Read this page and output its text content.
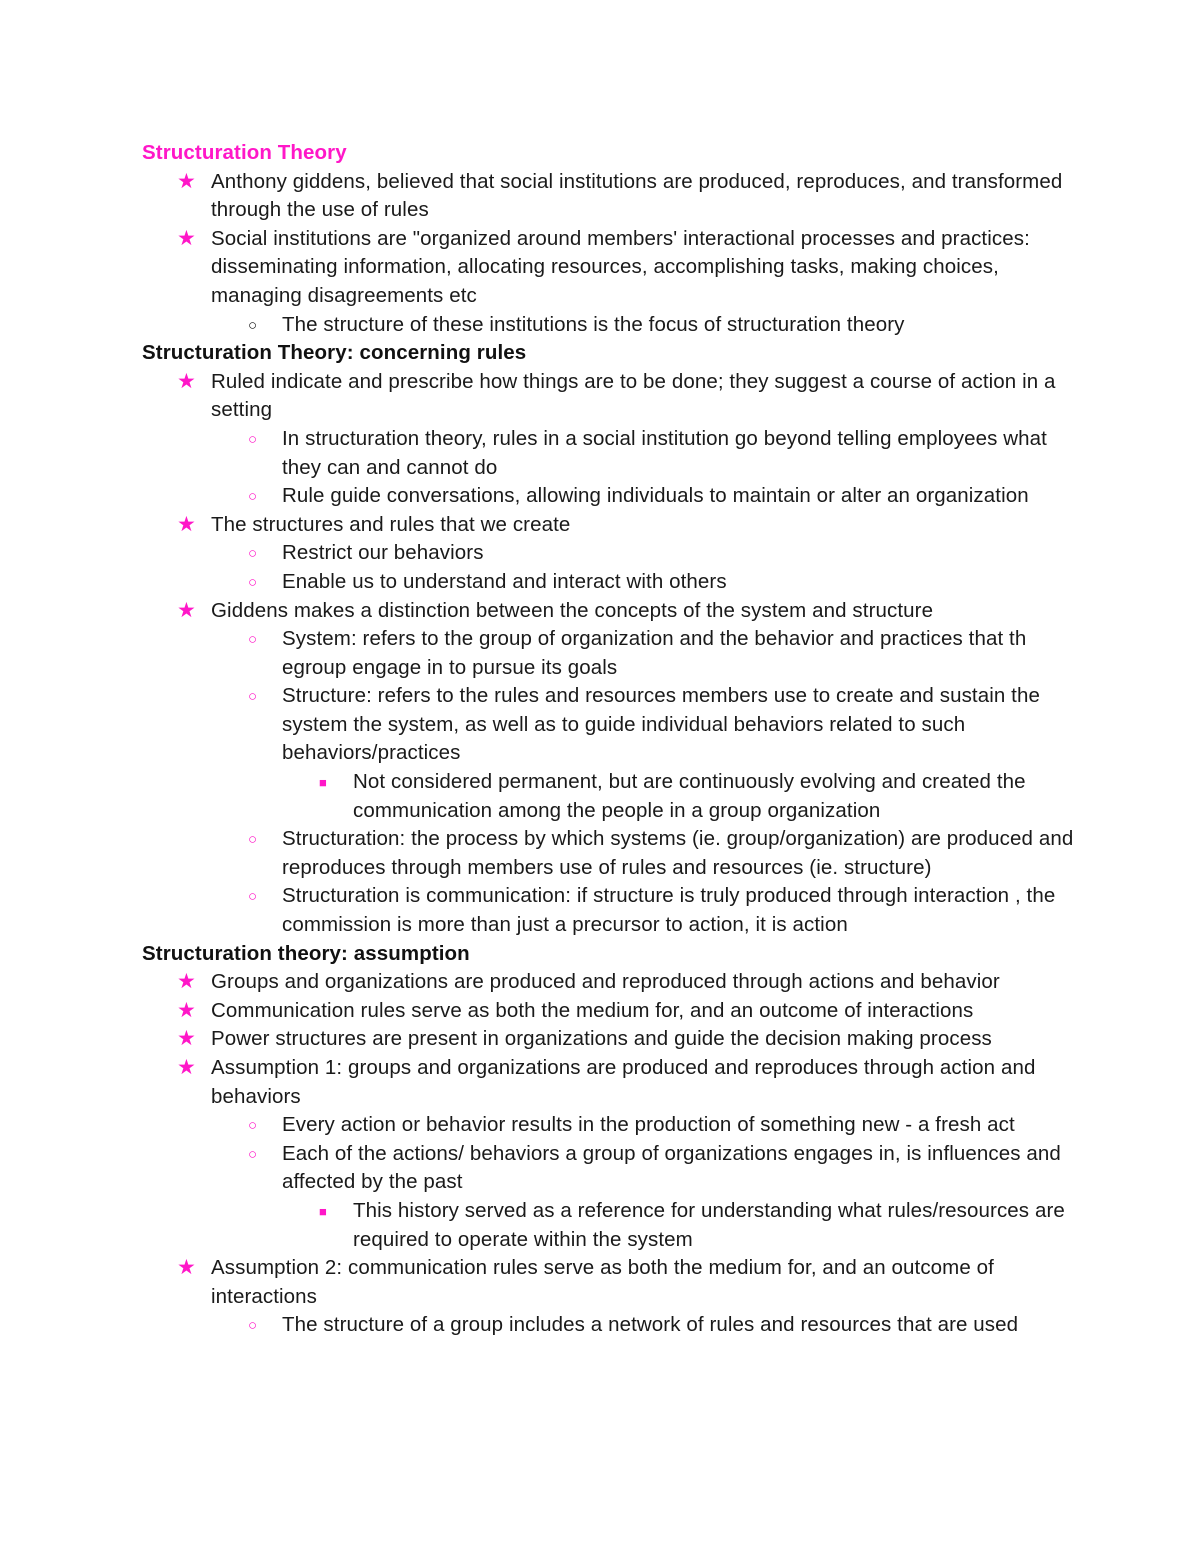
Structuration Theory
★ Anthony giddens, believed that social institutions are produced, reproduces, and transformed through the use of rules
★ Social institutions are "organized around members' interactional processes and practices: disseminating information, allocating resources, accomplishing tasks, making choices, managing disagreements etc
○ The structure of these institutions is the focus of structuration theory
Structuration Theory: concerning rules
★ Ruled indicate and prescribe how things are to be done; they suggest a course of action in a setting
○ In structuration theory, rules in a social institution go beyond telling employees what they can and cannot do
○ Rule guide conversations, allowing individuals to maintain or alter an organization
★ The structures and rules that we create
○ Restrict our behaviors
○ Enable us to understand and interact with others
★ Giddens makes a distinction between the concepts of the system and structure
○ System: refers to the group of organization and the behavior and practices that th egroup engage in to pursue its goals
○ Structure: refers to the rules and resources members use to create and sustain the system the system, as well as to guide individual behaviors related to such behaviors/practices
■ Not considered permanent, but are continuously evolving and created the communication among the people in a group organization
○ Structuration: the process by which systems (ie. group/organization) are produced and reproduces through members use of rules and resources (ie. structure)
○ Structuration is communication: if structure is truly produced through interaction , the commission is more than just a precursor to action, it is action
Structuration theory: assumption
★ Groups and organizations are produced and reproduced through actions and behavior
★ Communication rules serve as both the medium for, and an outcome of interactions
★ Power structures are present in organizations and guide the decision making process
★ Assumption 1: groups and organizations are produced and reproduces through action and behaviors
○ Every action or behavior results in the production of something new - a fresh act
○ Each of the actions/ behaviors a group of organizations engages in, is influences and affected by the past
■ This history served as a reference for understanding what rules/resources are required to operate within the system
★ Assumption 2: communication rules serve as both the medium for, and an outcome of interactions
○ The structure of a group includes a network of rules and resources that are used
